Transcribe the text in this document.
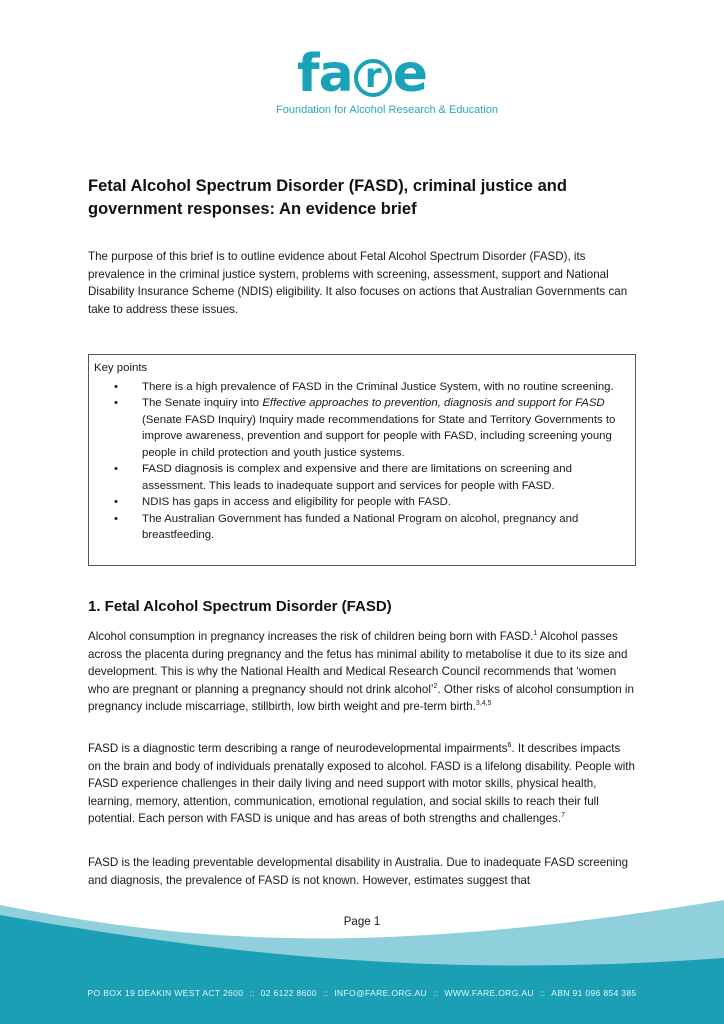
fa r e
Foundation for Alcohol Research & Education
Fetal Alcohol Spectrum Disorder (FASD), criminal justice and government responses: An evidence brief

The purpose of this brief is to outline evidence about Fetal Alcohol Spectrum Disorder (FASD), its prevalence in the criminal justice system, problems with screening, assessment, support and National Disability Insurance Scheme (NDIS) eligibility. It also focuses on actions that Australian Governments can take to address these issues.

Key points

• There is a high prevalence of FASD in the Criminal Justice System, with no routine screening.
• The Senate inquiry into Effective approaches to prevention, diagnosis and support for FASD (Senate FASD Inquiry) Inquiry made recommendations for State and Territory Governments to improve awareness, prevention and support for people with FASD, including screening young people in child protection and youth justice systems.
• FASD diagnosis is complex and expensive and there are limitations on screening and assessment. This leads to inadequate support and services for people with FASD.
• NDIS has gaps in access and eligibility for people with FASD.
• The Australian Government has funded a National Program on alcohol, pregnancy and breastfeeding.
1. Fetal Alcohol Spectrum Disorder (FASD)

Alcohol consumption in pregnancy increases the risk of children being born with FASD.$^1$ Alcohol passes across the placenta during pregnancy and the fetus has minimal ability to metabolise it due to its size and development. This is why the National Health and Medical Research Council recommends that ‘women who are pregnant or planning a pregnancy should not drink alcohol’$^2$. Other risks of alcohol consumption in pregnancy include miscarriage, stillbirth, low birth weight and pre-term birth.$^{3,4,5}$

FASD is a diagnostic term describing a range of neurodevelopmental impairments$^6$. It describes impacts on the brain and body of individuals prenatally exposed to alcohol. FASD is a lifelong disability. People with FASD experience challenges in their daily living and need support with motor skills, physical health, learning, memory, attention, communication, emotional regulation, and social skills to reach their full potential. Each person with FASD is unique and has areas of both strengths and challenges.$^7$

FASD is the leading preventable developmental disability in Australia. Due to inadequate FASD screening and diagnosis, the prevalence of FASD is not known. However, estimates suggest that

Page 1
PO BOX 19 DEAKIN WEST ACT 2600 :: 02 6122 8600 :: INFO@FARE.ORG.AU :: WWW.FARE.ORG.AU :: ABN 91 096 854 385
